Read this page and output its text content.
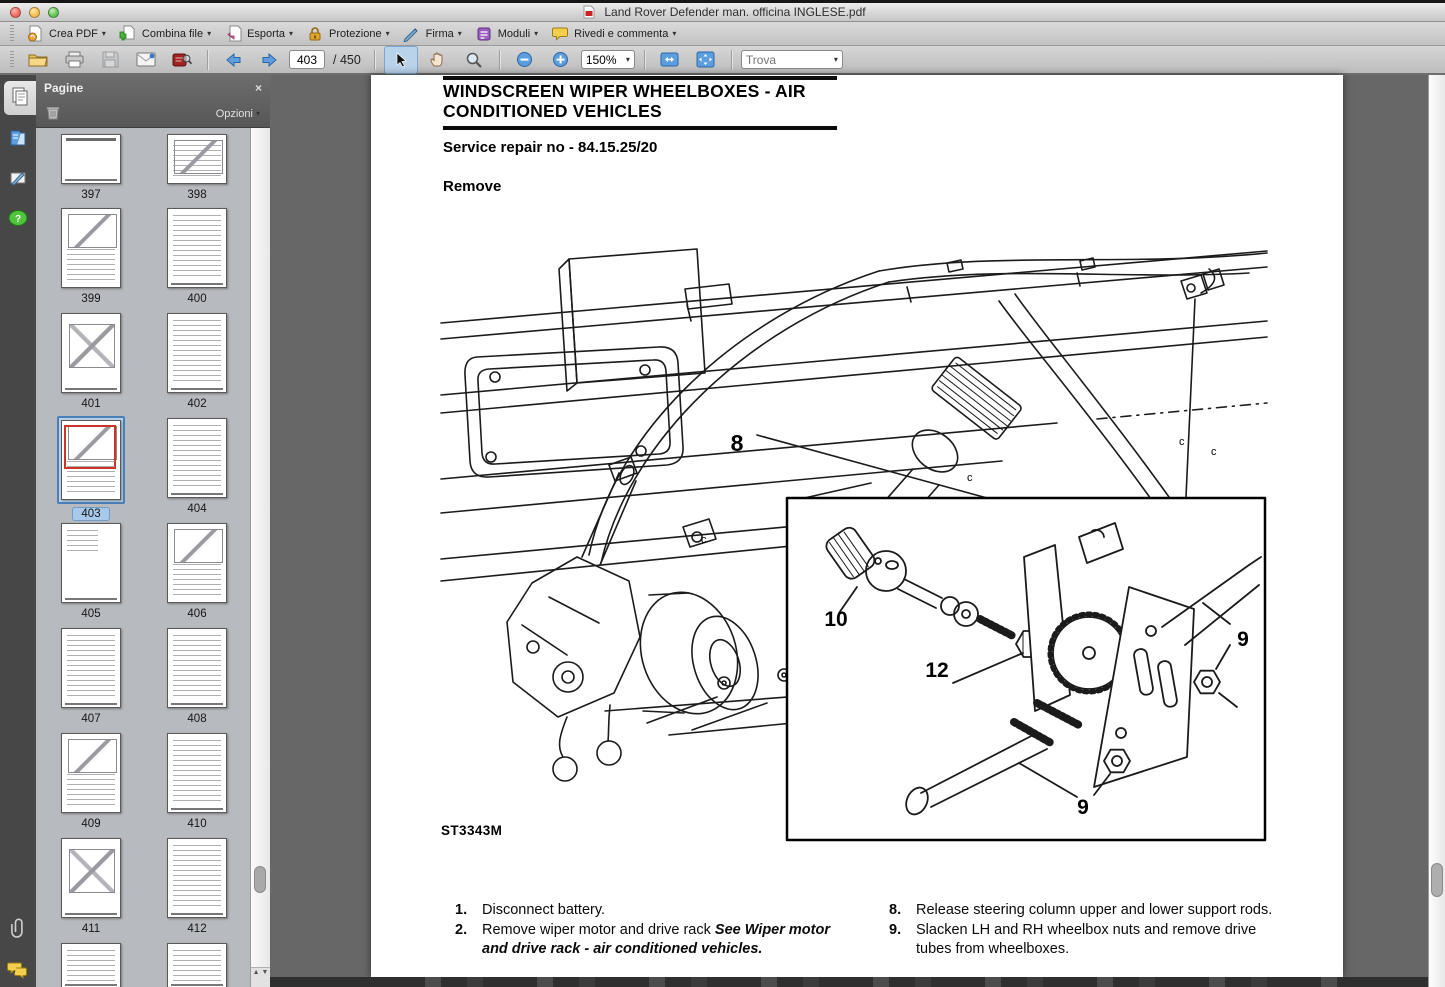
Land Rover Defender man. officina INGLESE.pdf
Crea PDF ▾	Combina file ▾	Esporta ▾	Protezione ▾	Firma ▾	Moduli ▾	Rivedi e commenta ▾
403
/ 450
150%	▾
Trova	▾
?
Pagine	×
Opzioni ▾
397	398
399	400
401	402
403	404
405	406
407	408
409	410
411	412
▲ ▼
WINDSCREEN WIPER WHEELBOXES - AIR
CONDITIONED VEHICLES
Service repair no - 84.15.25/20
Remove
8	c
c
c
c
10
12
9
9
ST3343M
1.	Disconnect battery.
2.	Remove wiper motor and drive rack See Wiper motor and drive rack - air conditioned vehicles.
8.	Release steering column upper and lower support rods.
9.	Slacken LH and RH wheelbox nuts and remove drive tubes from wheelboxes.
